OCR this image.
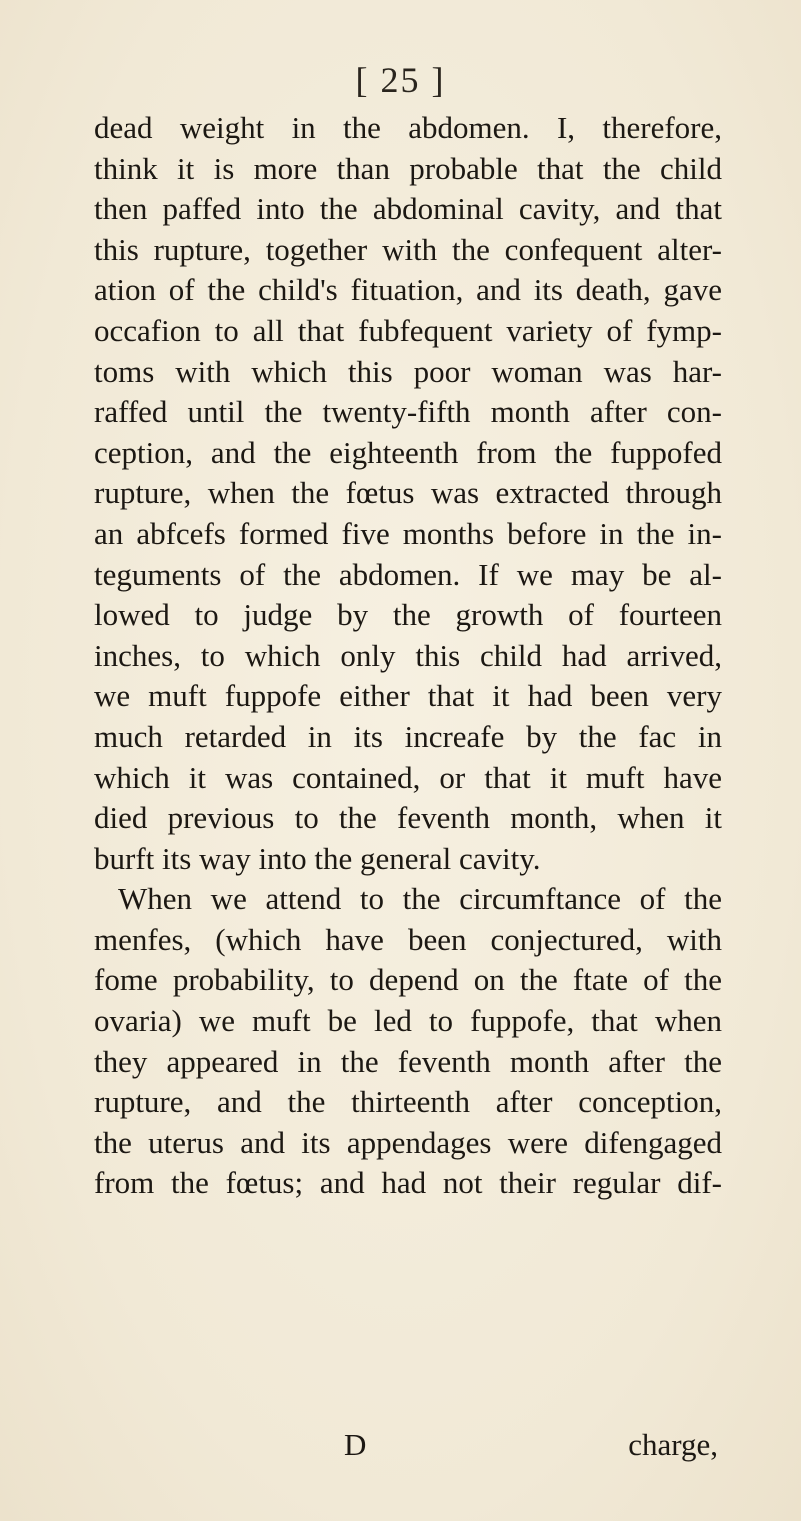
[ 25 ]
dead weight in the abdomen. I, therefore,
think it is more than probable that the child
then paffed into the abdominal cavity, and that
this rupture, together with the confequent alter-
ation of the child's fituation, and its death, gave
occafion to all that fubfequent variety of fymp-
toms with which this poor woman was har-
raffed until the twenty-fifth month after con-
ception, and the eighteenth from the fuppofed
rupture, when the fœtus was extracted through
an abfcefs formed five months before in the in-
teguments of the abdomen. If we may be al-
lowed to judge by the growth of fourteen
inches, to which only this child had arrived,
we muft fuppofe either that it had been very
much retarded in its increafe by the fac in
which it was contained, or that it muft have
died previous to the feventh month, when it
burft its way into the general cavity.
When we attend to the circumftance of the
menfes, (which have been conjectured, with
fome probability, to depend on the ftate of the
ovaria) we muft be led to fuppofe, that when
they appeared in the feventh month after the
rupture, and the thirteenth after conception,
the uterus and its appendages were difengaged
from the fœtus; and had not their regular dif-
D	charge,
